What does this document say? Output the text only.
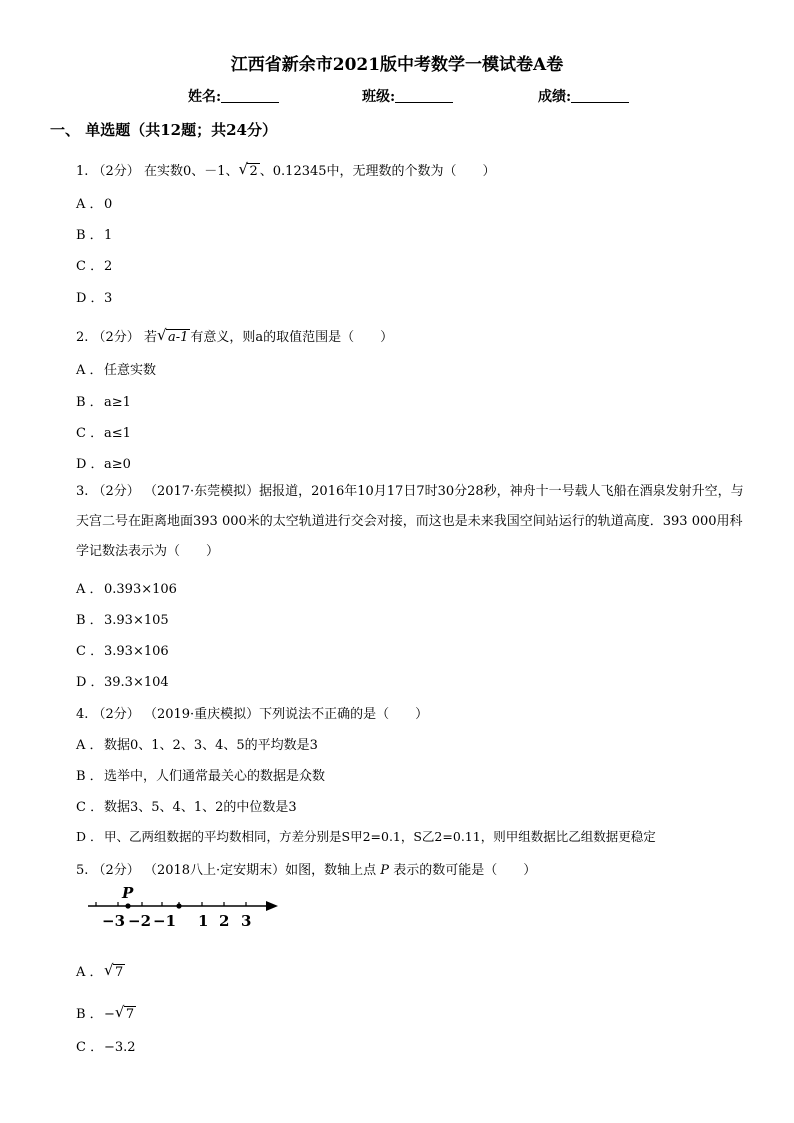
江西省新余市2021版中考数学一模试卷A卷
姓名:	班级:	成绩:
一、 单选题（共12题；共24分）
1. （2分） 在实数0、－1、 √ 2 、0.12345中，无理数的个数为（　　）
A ．0
B ．1
C ．2
D ．3
2. （2分） 若 √ a-1 有意义，则a的取值范围是（　　）
A ．任意实数
B ．a≥1
C ．a≤1
D ．a≥0
3. （2分） （2017·东莞模拟）据报道，2016年10月17日7时30分28秒，神舟十一号载人飞船在酒泉发射升空，与天宫二号在距离地面393 000米的太空轨道进行交会对接，而这也是未来我国空间站运行的轨道高度．393 000用科学记数法表示为（　　）
A ．0.393×106
B ．3.93×105
C ．3.93×106
D ．39.3×104
4. （2分） （2019·重庆模拟）下列说法不正确的是（　　）
A ．数据0、1、2、3、4、5的平均数是3
B ．选举中，人们通常最关心的数据是众数
C ．数据3、5、4、1、2的中位数是3
D ． 甲、乙两组数据的平均数相同，方差分别是S甲2=0.1，S乙2=0.11，则甲组数据比乙组数据更稳定
5. （2分） （2018八上·定安期末）如图，数轴上点 P 表示的数可能是（　　）
P
−3 −2 −1 1 2 3
A ． √ 7
B ．− √ 7
C ．−3.2
